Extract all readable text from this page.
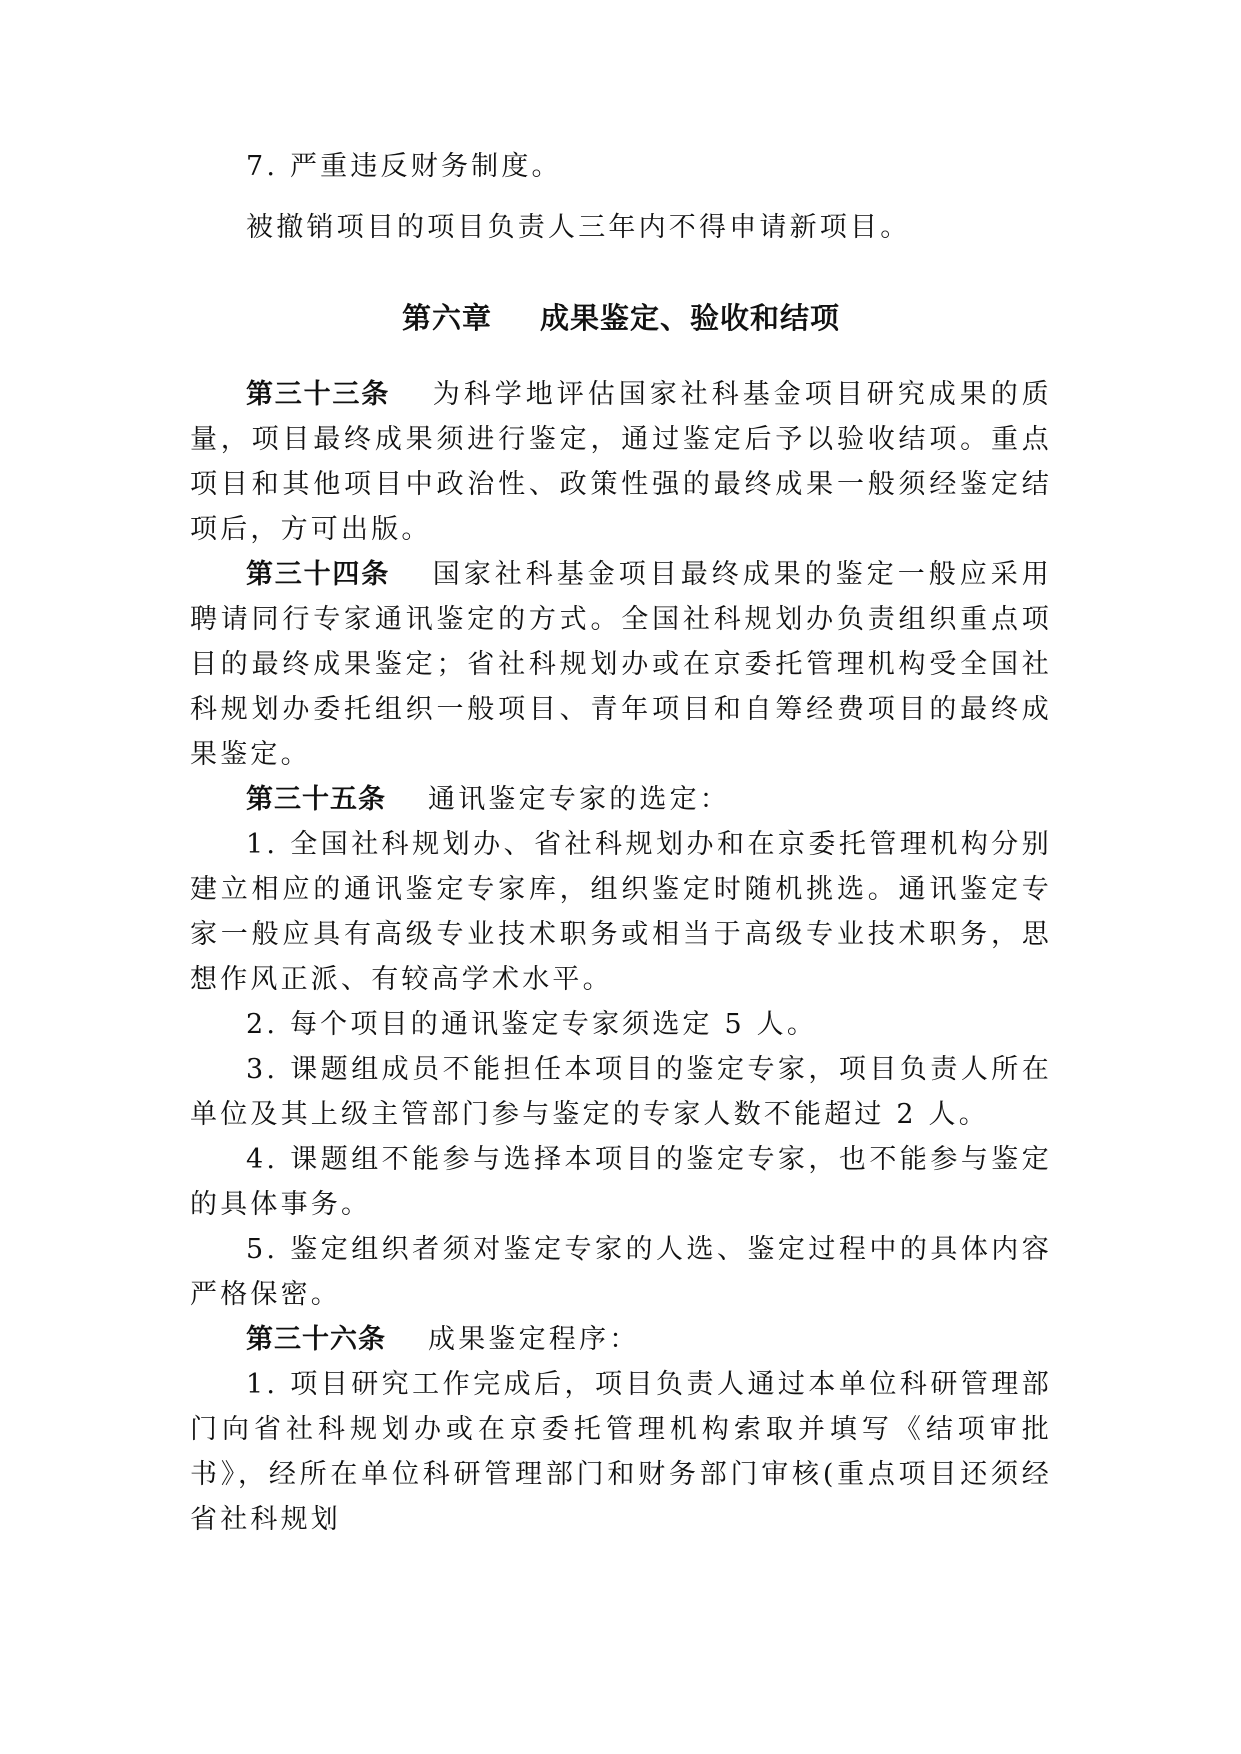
7. 严重违反财务制度。

被撤销项目的项目负责人三年内不得申请新项目。

第六章 成果鉴定、验收和结项

第三十三条 为科学地评估国家社科基金项目研究成果的质量，项目最终成果须进行鉴定，通过鉴定后予以验收结项。重点项目和其他项目中政治性、政策性强的最终成果一般须经鉴定结项后，方可出版。

第三十四条 国家社科基金项目最终成果的鉴定一般应采用聘请同行专家通讯鉴定的方式。全国社科规划办负责组织重点项目的最终成果鉴定；省社科规划办或在京委托管理机构受全国社科规划办委托组织一般项目、青年项目和自筹经费项目的最终成果鉴定。

第三十五条 通讯鉴定专家的选定：

1. 全国社科规划办、省社科规划办和在京委托管理机构分别建立相应的通讯鉴定专家库，组织鉴定时随机挑选。通讯鉴定专家一般应具有高级专业技术职务或相当于高级专业技术职务，思想作风正派、有较高学术水平。

2. 每个项目的通讯鉴定专家须选定 5 人。

3. 课题组成员不能担任本项目的鉴定专家，项目负责人所在单位及其上级主管部门参与鉴定的专家人数不能超过 2 人。

4. 课题组不能参与选择本项目的鉴定专家，也不能参与鉴定的具体事务。

5. 鉴定组织者须对鉴定专家的人选、鉴定过程中的具体内容严格保密。

第三十六条 成果鉴定程序：

1. 项目研究工作完成后，项目负责人通过本单位科研管理部门向省社科规划办或在京委托管理机构索取并填写《结项审批书》，经所在单位科研管理部门和财务部门审核(重点项目还须经省社科规划
